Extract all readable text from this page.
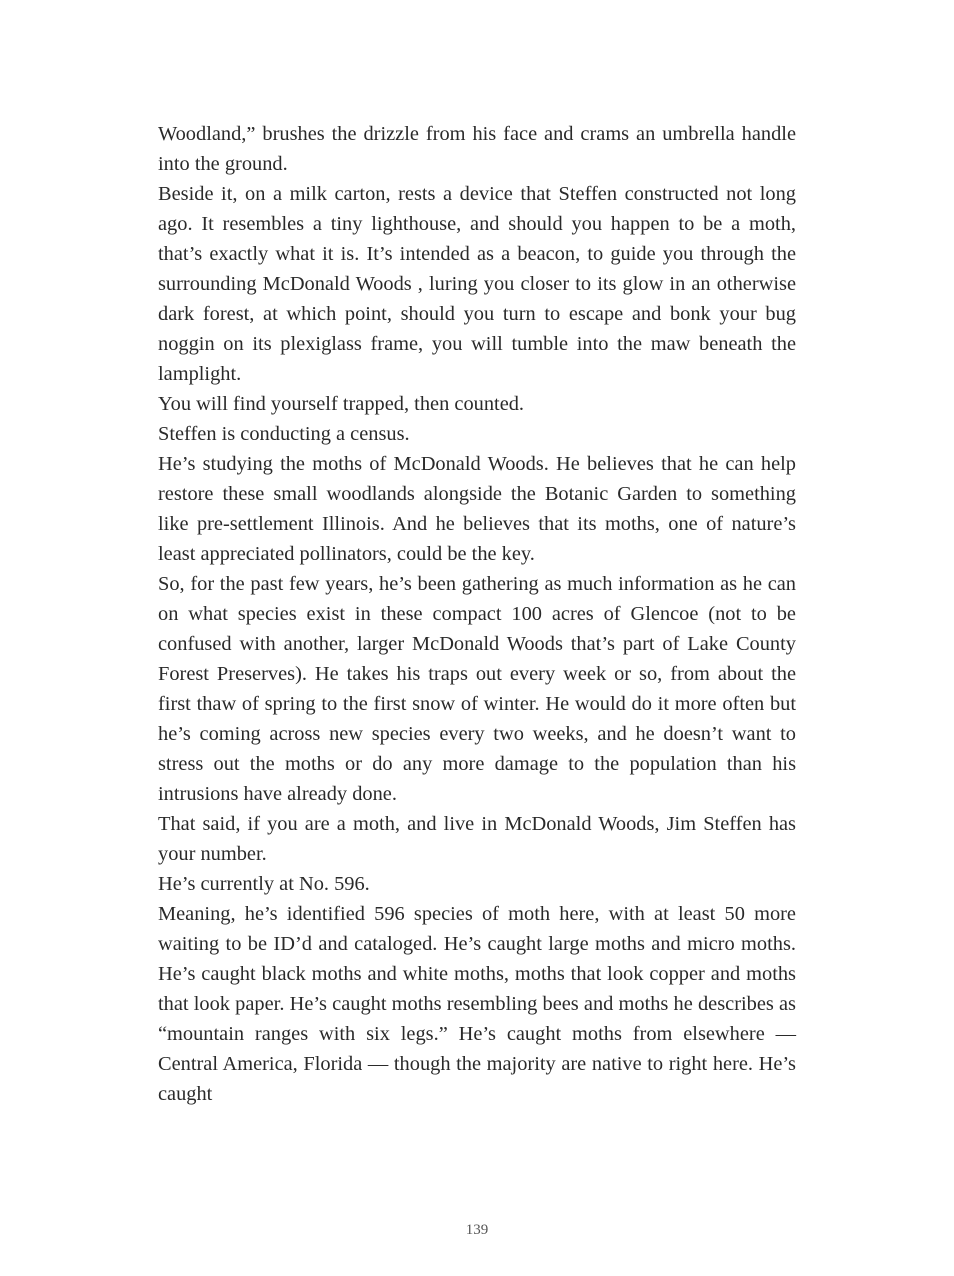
Woodland,” brushes the drizzle from his face and crams an umbrella handle into the ground.

Beside it, on a milk carton, rests a device that Steffen constructed not long ago. It resembles a tiny lighthouse, and should you happen to be a moth, that’s exactly what it is. It’s intended as a beacon, to guide you through the surrounding McDonald Woods , luring you closer to its glow in an otherwise dark forest, at which point, should you turn to escape and bonk your bug noggin on its plexiglass frame, you will tumble into the maw beneath the lamplight.

You will find yourself trapped, then counted.

Steffen is conducting a census.

He’s studying the moths of McDonald Woods. He believes that he can help restore these small woodlands alongside the Botanic Garden to something like pre-settlement Illinois. And he believes that its moths, one of nature’s least appreciated pollinators, could be the key.

So, for the past few years, he’s been gathering as much information as he can on what species exist in these compact 100 acres of Glencoe (not to be confused with another, larger McDonald Woods that’s part of Lake County Forest Preserves). He takes his traps out every week or so, from about the first thaw of spring to the first snow of winter. He would do it more often but he’s coming across new species every two weeks, and he doesn’t want to stress out the moths or do any more damage to the population than his intrusions have already done.

That said, if you are a moth, and live in McDonald Woods, Jim Steffen has your number.

He’s currently at No. 596.

Meaning, he’s identified 596 species of moth here, with at least 50 more waiting to be ID’d and cataloged. He’s caught large moths and micro moths. He’s caught black moths and white moths, moths that look copper and moths that look paper. He’s caught moths resembling bees and moths he describes as “mountain ranges with six legs.” He’s caught moths from elsewhere — Central America, Florida — though the majority are native to right here. He’s caught

139
